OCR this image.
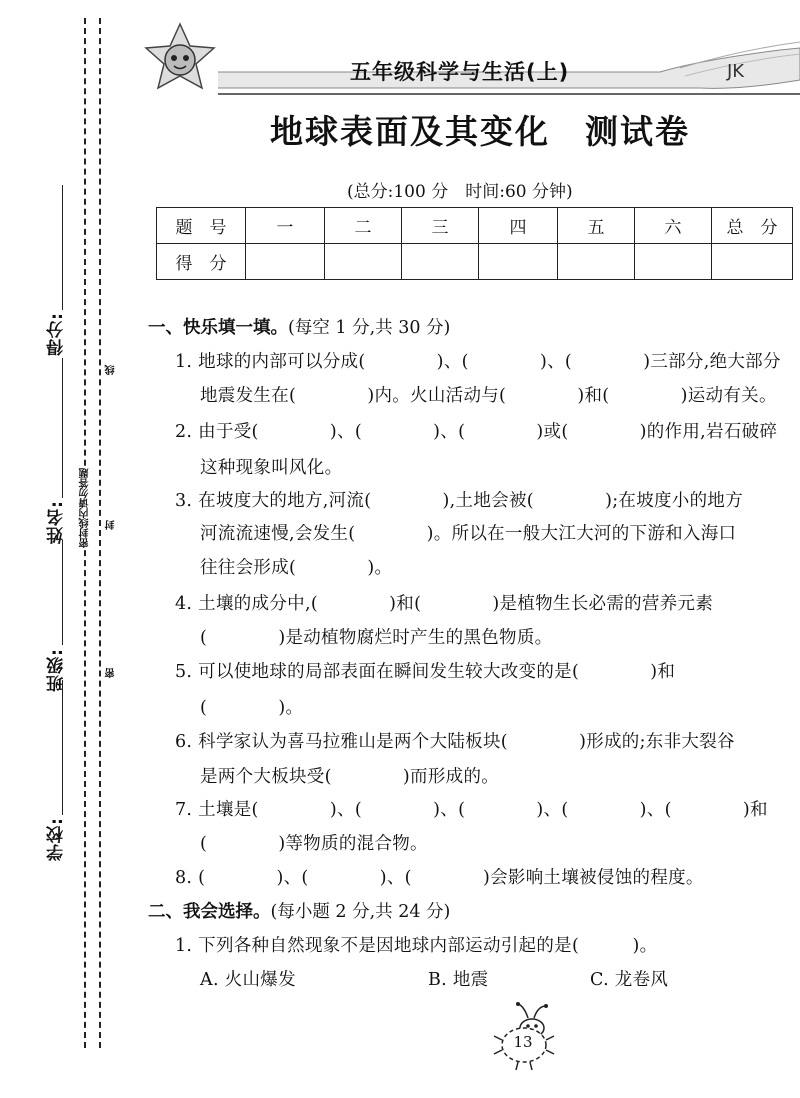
得分:
姓名:
班级:
学校:
密封线内请勿答题
线
封
密
五年级科学与生活(上)	JK
地球表面及其变化　测试卷
(总分:100 分　时间:60 分钟)
题　号	一	二	三	四	五	六	总　分
得　分							
一、快乐填一填。(每空 1 分,共 30 分)
1. 地球的内部可以分成(　　　　)、(　　　　)、(　　　　)三部分,绝大部分
地震发生在(　　　　)内。火山活动与(　　　　)和(　　　　)运动有关。
2. 由于受(　　　　)、(　　　　)、(　　　　)或(　　　　)的作用,岩石破碎
这种现象叫风化。
3. 在坡度大的地方,河流(　　　　),土地会被(　　　　);在坡度小的地方
河流流速慢,会发生(　　　　)。所以在一般大江大河的下游和入海口
往往会形成(　　　　)。
4. 土壤的成分中,(　　　　)和(　　　　)是植物生长必需的营养元素
(　　　　)是动植物腐烂时产生的黑色物质。
5. 可以使地球的局部表面在瞬间发生较大改变的是(　　　　)和
(　　　　)。
6. 科学家认为喜马拉雅山是两个大陆板块(　　　　)形成的;东非大裂谷
是两个大板块受(　　　　)而形成的。
7. 土壤是(　　　　)、(　　　　)、(　　　　)、(　　　　)、(　　　　)和
(　　　　)等物质的混合物。
8. (　　　　)、(　　　　)、(　　　　)会影响土壤被侵蚀的程度。
二、我会选择。(每小题 2 分,共 24 分)
1. 下列各种自然现象不是因地球内部运动引起的是(　　　)。
A. 火山爆发	B. 地震	C. 龙卷风
13
